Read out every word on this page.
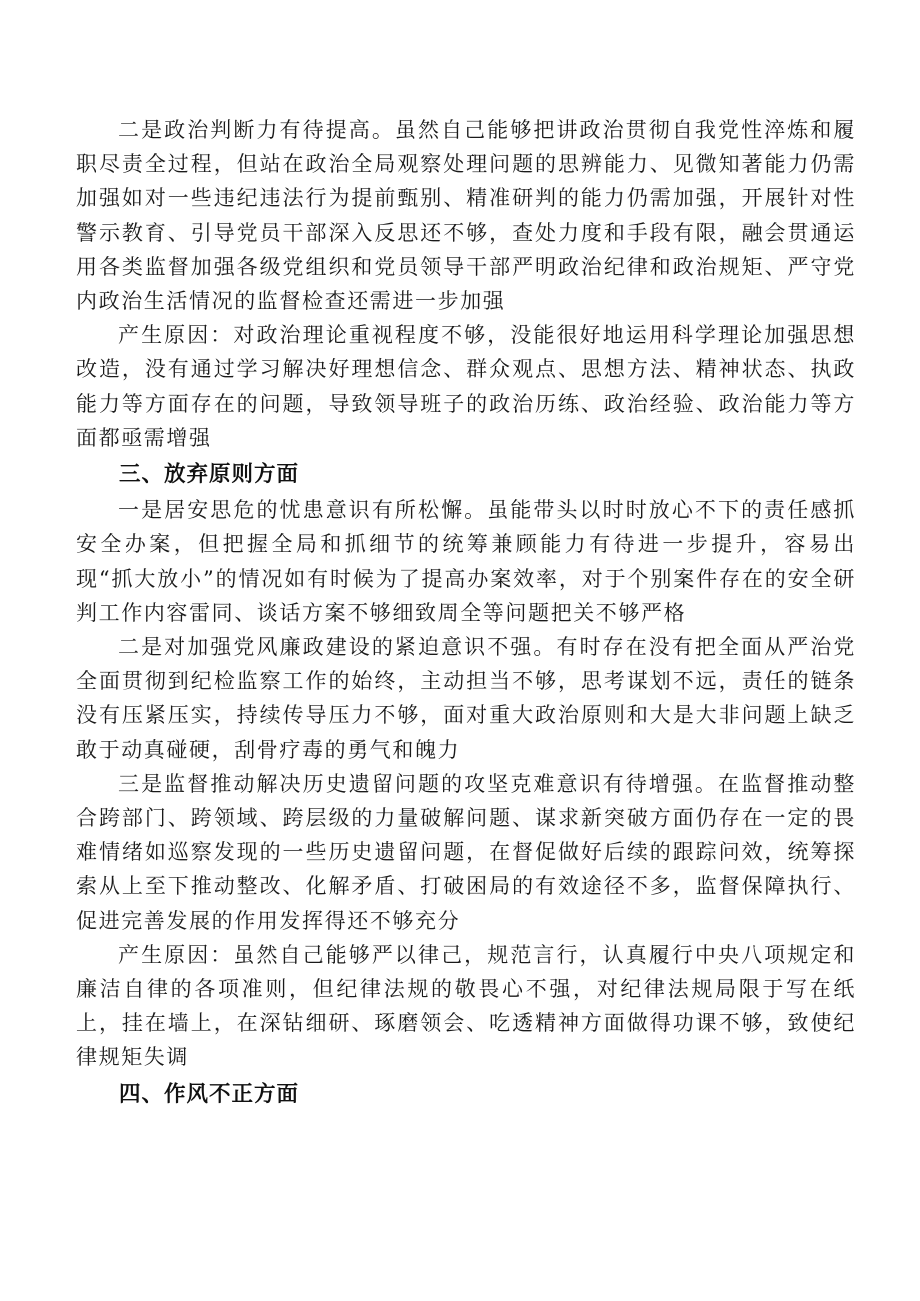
二是政治判断力有待提高。虽然自己能够把讲政治贯彻自我党性淬炼和履职尽责全过程，但站在政治全局观察处理问题的思辨能力、见微知著能力仍需加强如对一些违纪违法行为提前甄别、精准研判的能力仍需加强，开展针对性警示教育、引导党员干部深入反思还不够，查处力度和手段有限，融会贯通运用各类监督加强各级党组织和党员领导干部严明政治纪律和政治规矩、严守党内政治生活情况的监督检查还需进一步加强

产生原因：对政治理论重视程度不够，没能很好地运用科学理论加强思想改造，没有通过学习解决好理想信念、群众观点、思想方法、精神状态、执政能力等方面存在的问题，导致领导班子的政治历练、政治经验、政治能力等方面都亟需增强

三、放弃原则方面

一是居安思危的忧患意识有所松懈。虽能带头以时时放心不下的责任感抓安全办案，但把握全局和抓细节的统筹兼顾能力有待进一步提升，容易出现“抓大放小”的情况如有时候为了提高办案效率，对于个别案件存在的安全研判工作内容雷同、谈话方案不够细致周全等问题把关不够严格

二是对加强党风廉政建设的紧迫意识不强。有时存在没有把全面从严治党全面贯彻到纪检监察工作的始终，主动担当不够，思考谋划不远，责任的链条没有压紧压实，持续传导压力不够，面对重大政治原则和大是大非问题上缺乏敢于动真碰硬，刮骨疗毒的勇气和魄力

三是监督推动解决历史遗留问题的攻坚克难意识有待增强。在监督推动整合跨部门、跨领域、跨层级的力量破解问题、谋求新突破方面仍存在一定的畏难情绪如巡察发现的一些历史遗留问题，在督促做好后续的跟踪问效，统筹探索从上至下推动整改、化解矛盾、打破困局的有效途径不多，监督保障执行、促进完善发展的作用发挥得还不够充分

产生原因：虽然自己能够严以律己，规范言行，认真履行中央八项规定和廉洁自律的各项准则，但纪律法规的敬畏心不强，对纪律法规局限于写在纸上，挂在墙上，在深钻细研、琢磨领会、吃透精神方面做得功课不够，致使纪律规矩失调

四、作风不正方面
